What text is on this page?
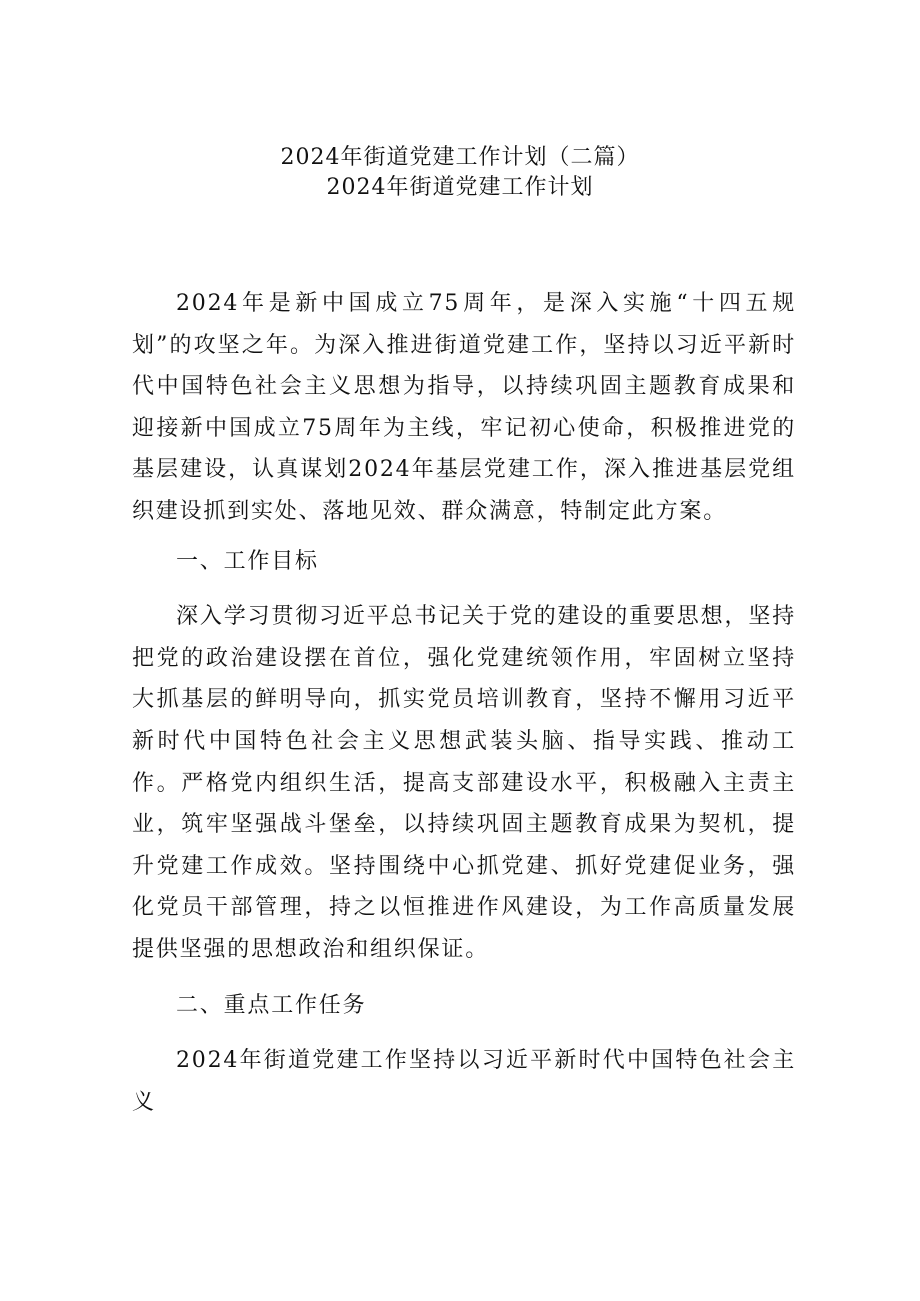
2024年街道党建工作计划（二篇）
2024年街道党建工作计划

2024年是新中国成立75周年，是深入实施“十四五规划”的攻坚之年。为深入推进街道党建工作，坚持以习近平新时代中国特色社会主义思想为指导，以持续巩固主题教育成果和迎接新中国成立75周年为主线，牢记初心使命，积极推进党的基层建设，认真谋划2024年基层党建工作，深入推进基层党组织建设抓到实处、落地见效、群众满意，特制定此方案。

一、工作目标

深入学习贯彻习近平总书记关于党的建设的重要思想，坚持把党的政治建设摆在首位，强化党建统领作用，牢固树立坚持大抓基层的鲜明导向，抓实党员培训教育，坚持不懈用习近平新时代中国特色社会主义思想武装头脑、指导实践、推动工作。严格党内组织生活，提高支部建设水平，积极融入主责主业，筑牢坚强战斗堡垒，以持续巩固主题教育成果为契机，提升党建工作成效。坚持围绕中心抓党建、抓好党建促业务，强化党员干部管理，持之以恒推进作风建设，为工作高质量发展提供坚强的思想政治和组织保证。

二、重点工作任务

2024年街道党建工作坚持以习近平新时代中国特色社会主义
